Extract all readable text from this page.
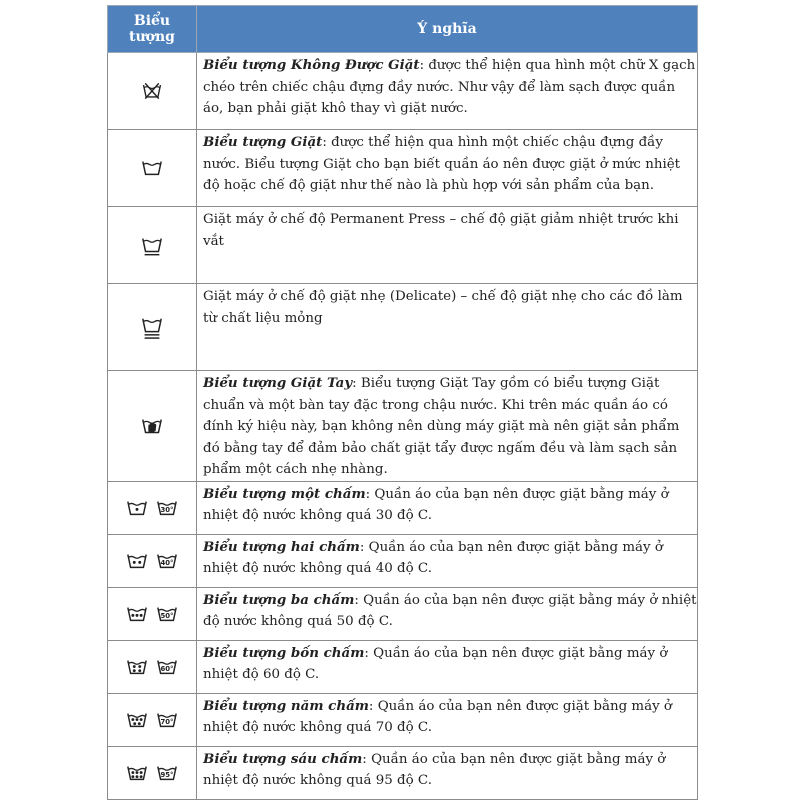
Biểu tượng	Ý nghĩa
	Biểu tượng Không Được Giặt: được thể hiện qua hình một chữ X gạch chéo trên chiếc chậu đựng đầy nước. Như vậy để làm sạch được quần áo, bạn phải giặt khô thay vì giặt nước.
	Biểu tượng Giặt: được thể hiện qua hình một chiếc chậu đựng đầy nước. Biểu tượng Giặt cho bạn biết quần áo nên được giặt ở mức nhiệt độ hoặc chế độ giặt như thế nào là phù hợp với sản phẩm của bạn.
	Giặt máy ở chế độ Permanent Press – chế độ giặt giảm nhiệt trước khi vắt
	Giặt máy ở chế độ giặt nhẹ (Delicate) – chế độ giặt nhẹ cho các đồ làm từ chất liệu mỏng
	Biểu tượng Giặt Tay: Biểu tượng Giặt Tay gồm có biểu tượng Giặt chuẩn và một bàn tay đặc trong chậu nước. Khi trên mác quần áo có đính ký hiệu này, bạn không nên dùng máy giặt mà nên giặt sản phẩm đó bằng tay để đảm bảo chất giặt tẩy được ngấm đều và làm sạch sản phẩm một cách nhẹ nhàng.

30°	Biểu tượng một chấm: Quần áo của bạn nên được giặt bằng máy ở nhiệt độ nước không quá 30 độ C.

40°	Biểu tượng hai chấm: Quần áo của bạn nên được giặt bằng máy ở nhiệt độ nước không quá 40 độ C.

50°	Biểu tượng ba chấm: Quần áo của bạn nên được giặt bằng máy ở nhiệt độ nước không quá 50 độ C.

60°	Biểu tượng bốn chấm: Quần áo của bạn nên được giặt bằng máy ở nhiệt độ 60 độ C.

70°	Biểu tượng năm chấm: Quần áo của bạn nên được giặt bằng máy ở nhiệt độ nước không quá 70 độ C.

95°	Biểu tượng sáu chấm: Quần áo của bạn nên được giặt bằng máy ở nhiệt độ nước không quá 95 độ C.
